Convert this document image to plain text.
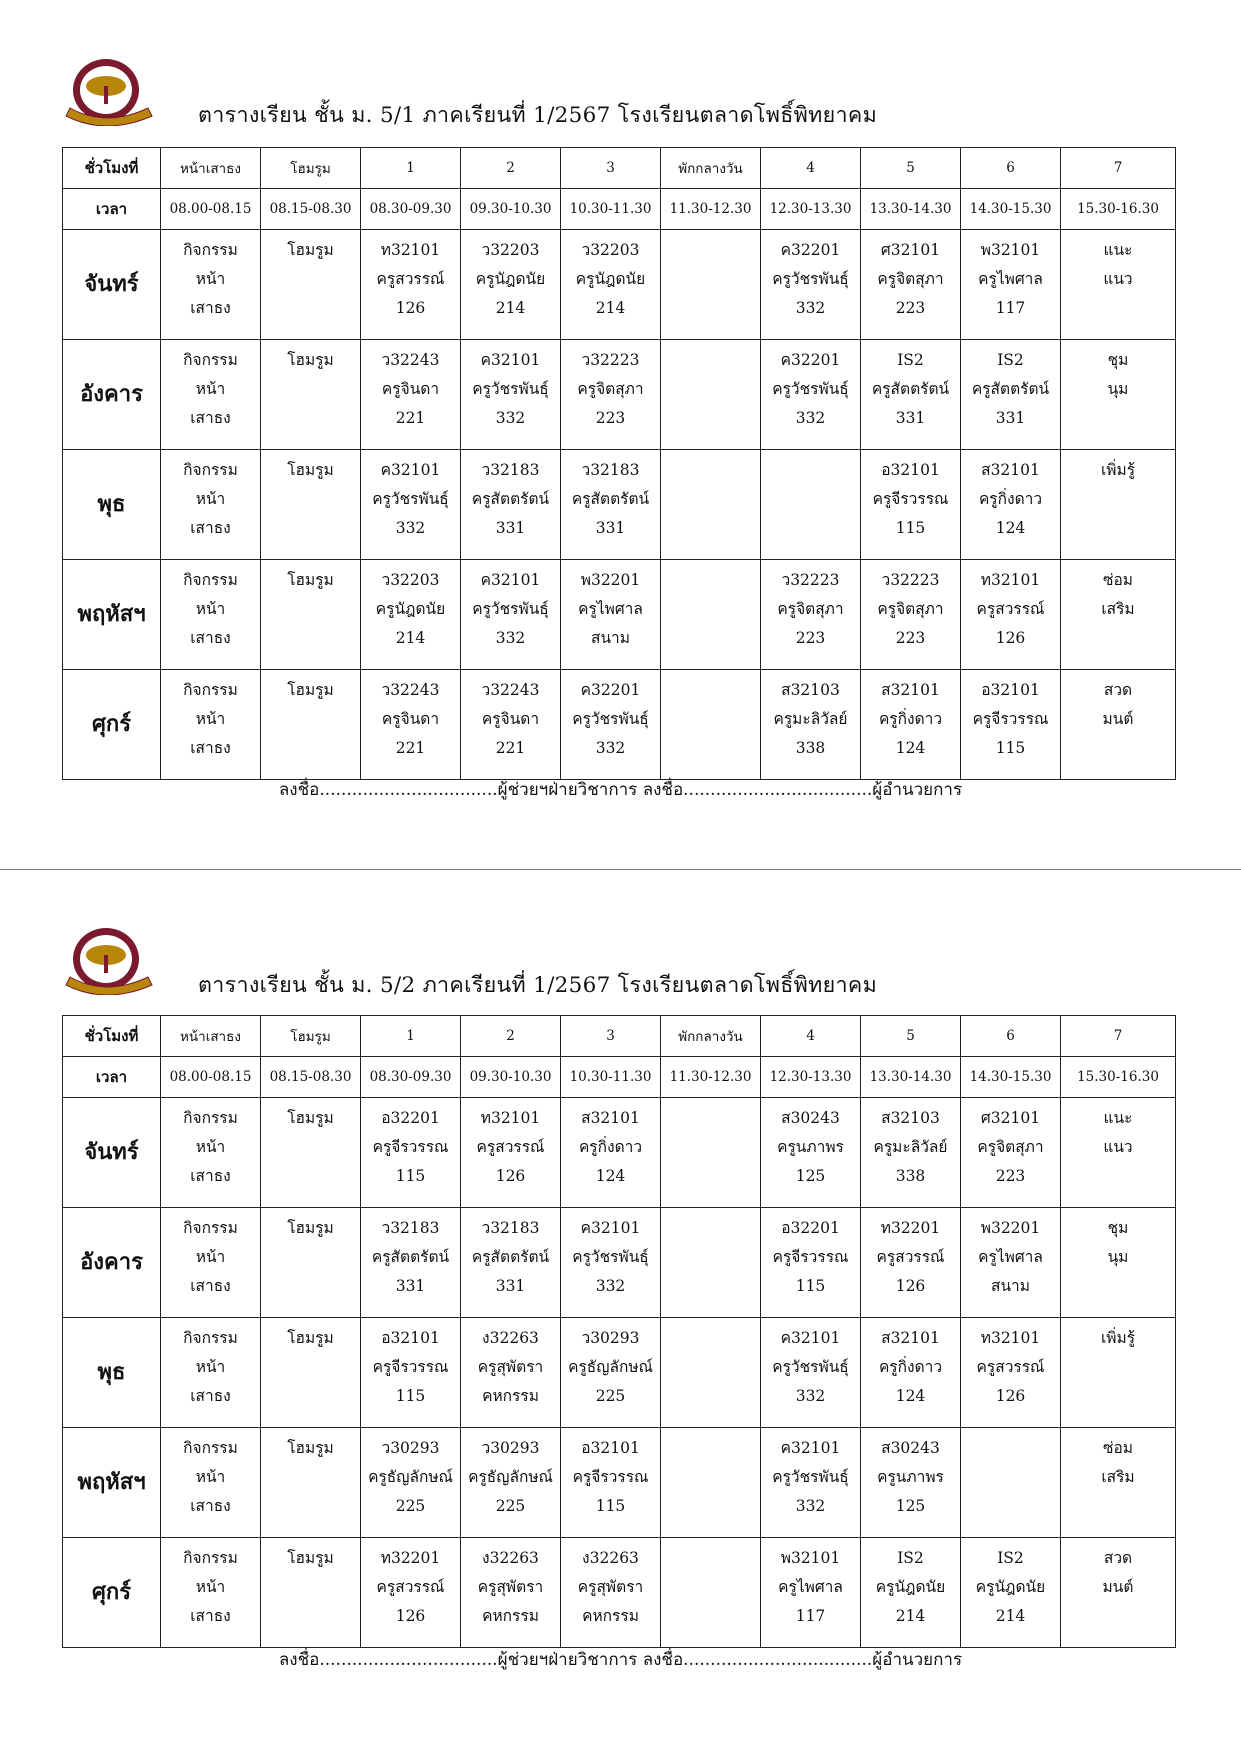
ตารางเรียน ชั้น ม. 5/1 ภาคเรียนที่ 1/2567 โรงเรียนตลาดโพธิ์พิทยาคม
ชั่วโมงที่	หน้าเสาธง	โฮมรูม	1	2	3	พักกลางวัน	4	5	6	7
เวลา	08.00-08.15	08.15-08.30	08.30-09.30	09.30-10.30	10.30-11.30	11.30-12.30	12.30-13.30	13.30-14.30	14.30-15.30	15.30-16.30
จันทร์	กิจกรรม
หน้า
เสาธง	โฮมรูม	ท32101
ครูสวรรณ์
126	ว32203
ครูนัฎดนัย
214	ว32203
ครูนัฎดนัย
214		ค32201
ครูวัชรพันธุ์
332	ศ32101
ครูจิตสุภา
223	พ32101
ครูไพศาล
117	แนะ
แนว

อังคาร	กิจกรรม
หน้า
เสาธง	โฮมรูม	ว32243
ครูจินดา
221	ค32101
ครูวัชรพันธุ์
332	ว32223
ครูจิตสุภา
223		ค32201
ครูวัชรพันธุ์
332	IS2
ครูสัตตรัตน์
331	IS2
ครูสัตตรัตน์
331	ชุม
นุม

พุธ	กิจกรรม
หน้า
เสาธง	โฮมรูม	ค32101
ครูวัชรพันธุ์
332	ว32183
ครูสัตตรัตน์
331	ว32183
ครูสัตตรัตน์
331			อ32101
ครูจีรวรรณ
115	ส32101
ครูกิ่งดาว
124	เพิ่มรู้

พฤหัสฯ	กิจกรรม
หน้า
เสาธง	โฮมรูม	ว32203
ครูนัฎดนัย
214	ค32101
ครูวัชรพันธุ์
332	พ32201
ครูไพศาล
สนาม		ว32223
ครูจิตสุภา
223	ว32223
ครูจิตสุภา
223	ท32101
ครูสวรรณ์
126	ซ่อม
เสริม

ศุกร์	กิจกรรม
หน้า
เสาธง	โฮมรูม	ว32243
ครูจินดา
221	ว32243
ครูจินดา
221	ค32201
ครูวัชรพันธุ์
332		ส32103
ครูมะลิวัลย์
338	ส32101
ครูกิ่งดาว
124	อ32101
ครูจีรวรรณ
115	สวด
มนต์
ลงชื่อ.................................ผู้ช่วยฯฝ่ายวิชาการ ลงชื่อ...................................ผู้อำนวยการ
ตารางเรียน ชั้น ม. 5/2 ภาคเรียนที่ 1/2567 โรงเรียนตลาดโพธิ์พิทยาคม
ชั่วโมงที่	หน้าเสาธง	โฮมรูม	1	2	3	พักกลางวัน	4	5	6	7
เวลา	08.00-08.15	08.15-08.30	08.30-09.30	09.30-10.30	10.30-11.30	11.30-12.30	12.30-13.30	13.30-14.30	14.30-15.30	15.30-16.30
จันทร์	กิจกรรม
หน้า
เสาธง	โฮมรูม	อ32201
ครูจีรวรรณ
115	ท32101
ครูสวรรณ์
126	ส32101
ครูกิ่งดาว
124		ส30243
ครูนภาพร
125	ส32103
ครูมะลิวัลย์
338	ศ32101
ครูจิตสุภา
223	แนะ
แนว

อังคาร	กิจกรรม
หน้า
เสาธง	โฮมรูม	ว32183
ครูสัตตรัตน์
331	ว32183
ครูสัตตรัตน์
331	ค32101
ครูวัชรพันธุ์
332		อ32201
ครูจีรวรรณ
115	ท32201
ครูสวรรณ์
126	พ32201
ครูไพศาล
สนาม	ชุม
นุม

พุธ	กิจกรรม
หน้า
เสาธง	โฮมรูม	อ32101
ครูจีรวรรณ
115	ง32263
ครูสุพัตรา
คหกรรม	ว30293
ครูธัญลักษณ์
225		ค32101
ครูวัชรพันธุ์
332	ส32101
ครูกิ่งดาว
124	ท32101
ครูสวรรณ์
126	เพิ่มรู้

พฤหัสฯ	กิจกรรม
หน้า
เสาธง	โฮมรูม	ว30293
ครูธัญลักษณ์
225	ว30293
ครูธัญลักษณ์
225	อ32101
ครูจีรวรรณ
115		ค32101
ครูวัชรพันธุ์
332	ส30243
ครูนภาพร
125		ซ่อม
เสริม

ศุกร์	กิจกรรม
หน้า
เสาธง	โฮมรูม	ท32201
ครูสวรรณ์
126	ง32263
ครูสุพัตรา
คหกรรม	ง32263
ครูสุพัตรา
คหกรรม		พ32101
ครูไพศาล
117	IS2
ครูนัฎดนัย
214	IS2
ครูนัฎดนัย
214	สวด
มนต์
ลงชื่อ.................................ผู้ช่วยฯฝ่ายวิชาการ ลงชื่อ...................................ผู้อำนวยการ
